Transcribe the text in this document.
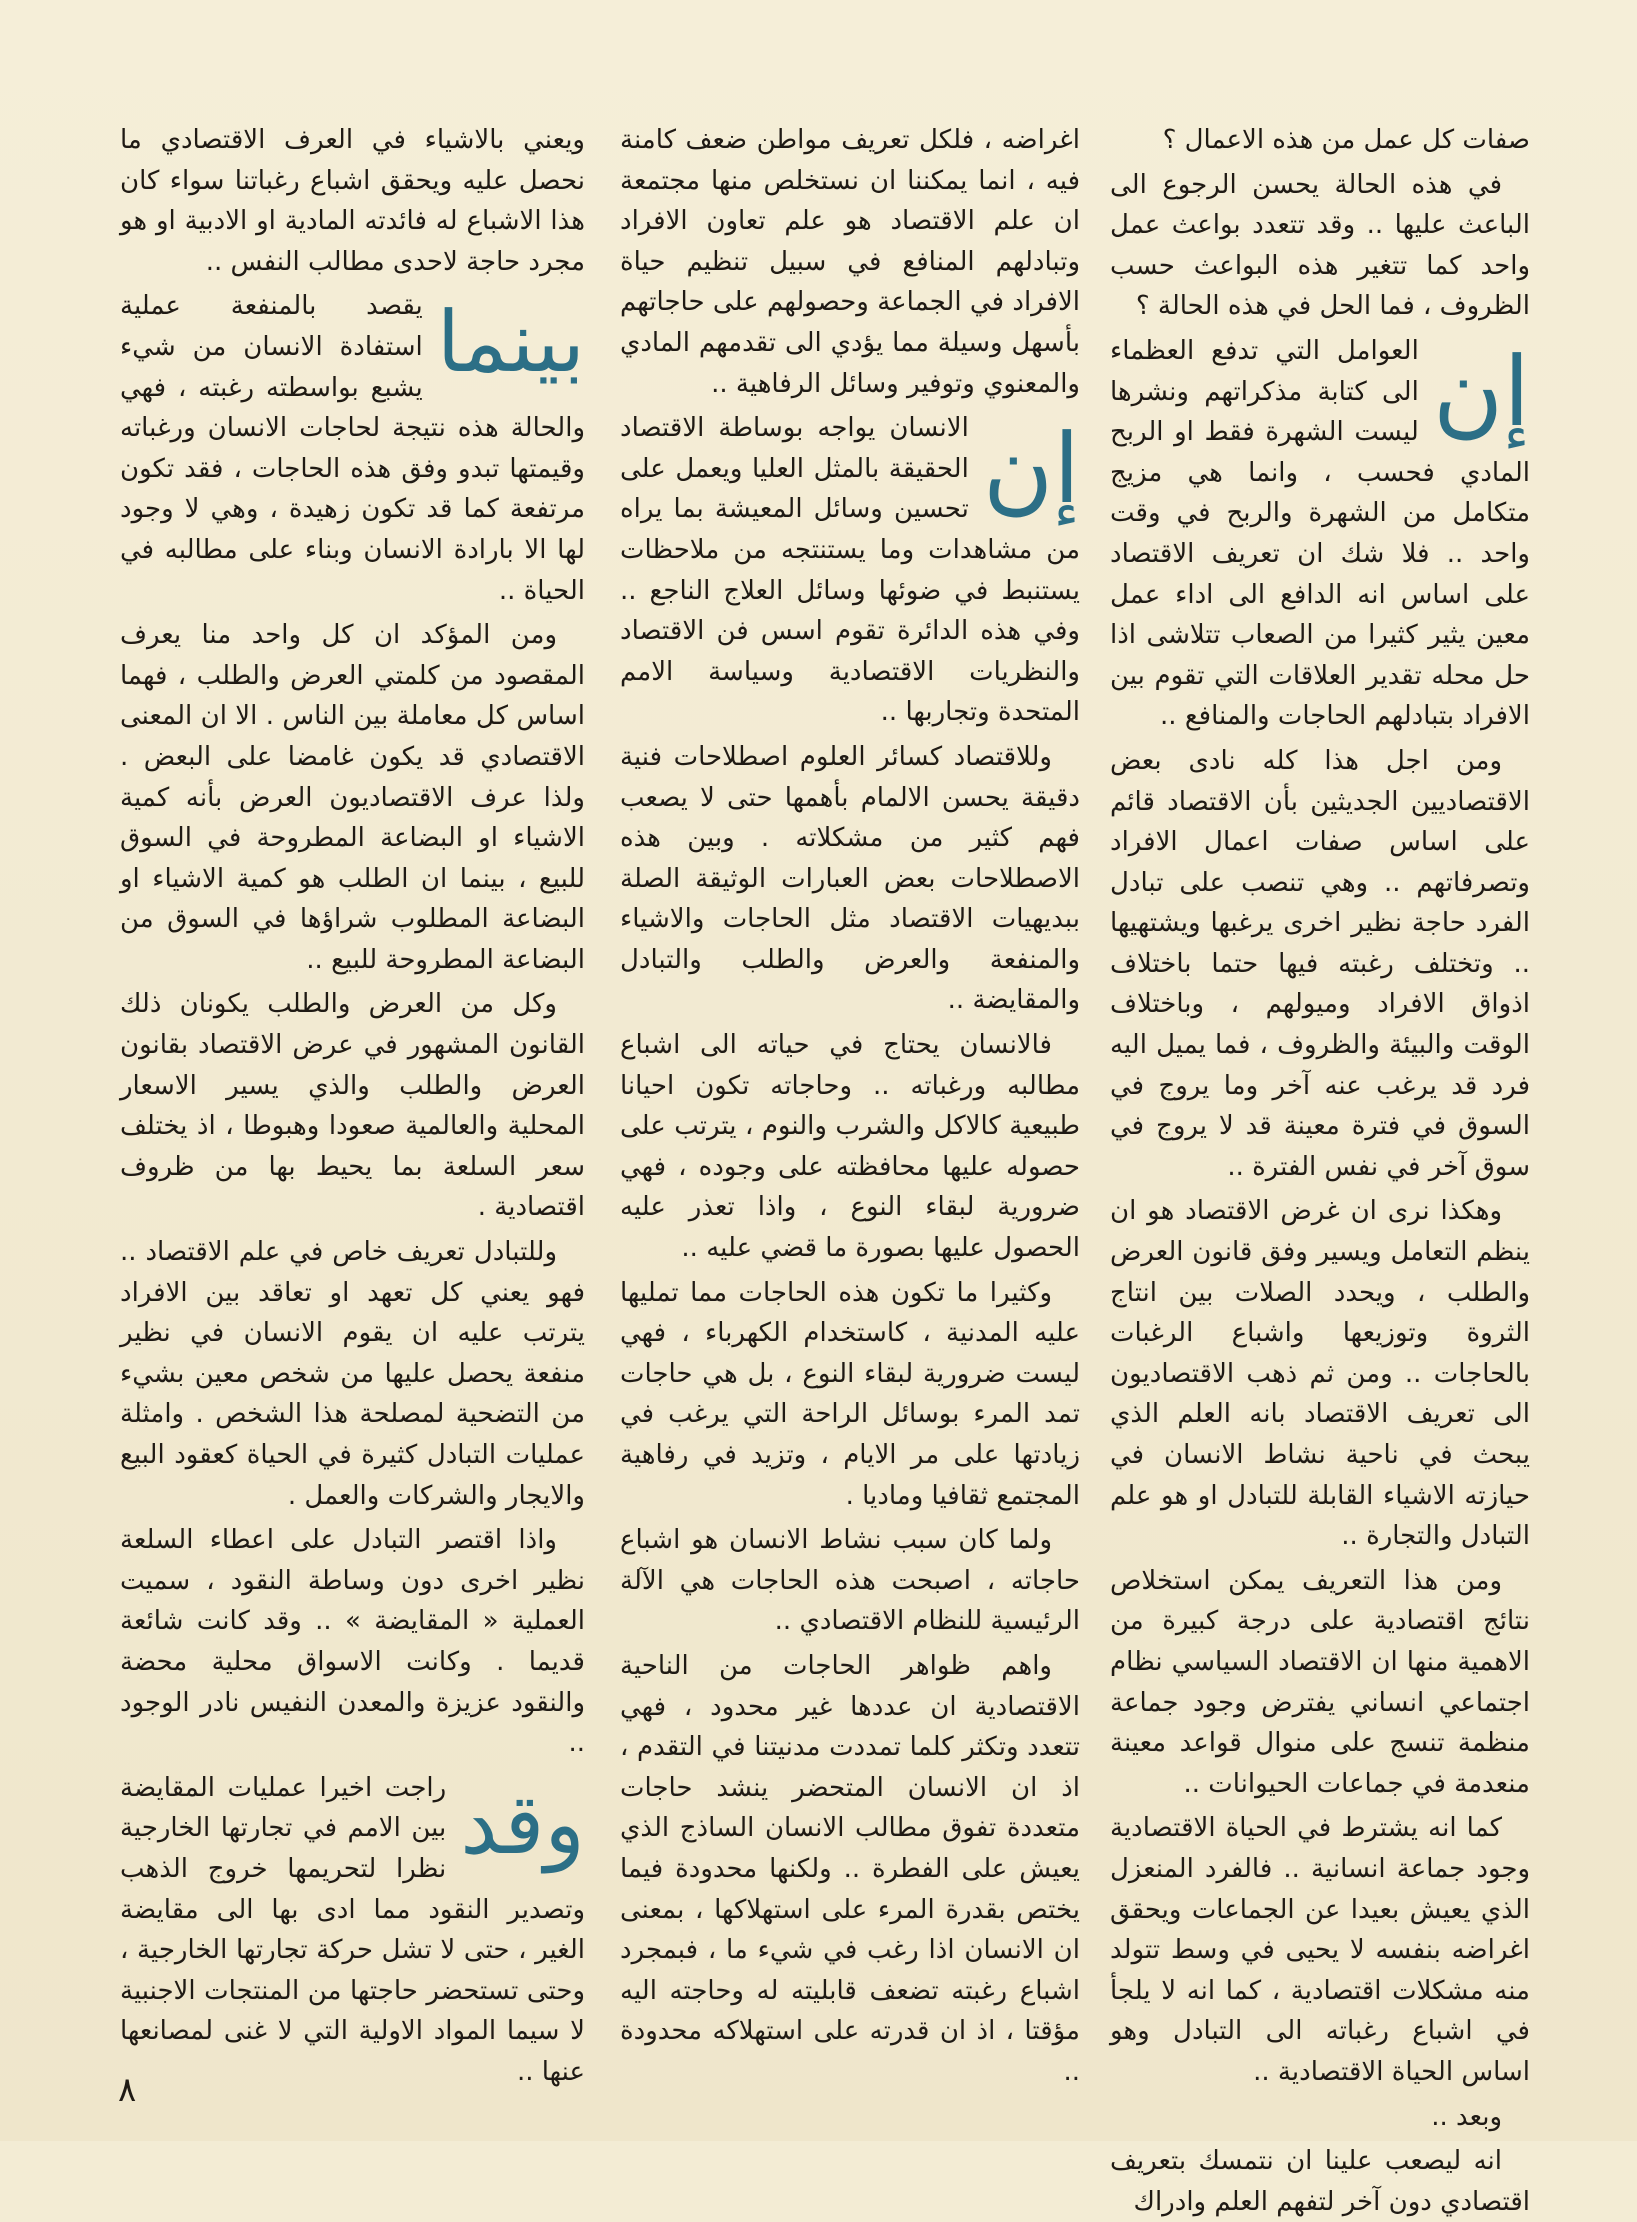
صفات كل عمل من هذه الاعمال ؟

في هذه الحالة يحسن الرجوع الى الباعث عليها .. وقد تتعدد بواعث عمل واحد كما تتغير هذه البواعث حسب الظروف ، فما الحل في هذه الحالة ؟

إن
العوامل التي تدفع العظماء الى كتابة مذكراتهم ونشرها ليست الشهرة فقط او الربح المادي فحسب ، وانما هي مزيج متكامل من الشهرة والربح في وقت واحد .. فلا شك ان تعريف الاقتصاد على اساس انه الدافع الى اداء عمل معين يثير كثيرا من الصعاب تتلاشى اذا حل محله تقدير العلاقات التي تقوم بين الافراد بتبادلهم الحاجات والمنافع ..

ومن اجل هذا كله نادى بعض الاقتصاديين الجديثين بأن الاقتصاد قائم على اساس صفات اعمال الافراد وتصرفاتهم .. وهي تنصب على تبادل الفرد حاجة نظير اخرى يرغبها ويشتهيها .. وتختلف رغبته فيها حتما باختلاف اذواق الافراد وميولهم ، وباختلاف الوقت والبيئة والظروف ، فما يميل اليه فرد قد يرغب عنه آخر وما يروج في السوق في فترة معينة قد لا يروج في سوق آخر في نفس الفترة ..

وهكذا نرى ان غرض الاقتصاد هو ان ينظم التعامل ويسير وفق قانون العرض والطلب ، ويحدد الصلات بين انتاج الثروة وتوزيعها واشباع الرغبات بالحاجات .. ومن ثم ذهب الاقتصاديون الى تعريف الاقتصاد بانه العلم الذي يبحث في ناحية نشاط الانسان في حيازته الاشياء القابلة للتبادل او هو علم التبادل والتجارة ..

ومن هذا التعريف يمكن استخلاص نتائج اقتصادية على درجة كبيرة من الاهمية منها ان الاقتصاد السياسي نظام اجتماعي انساني يفترض وجود جماعة منظمة تنسج على منوال قواعد معينة منعدمة في جماعات الحيوانات ..

كما انه يشترط في الحياة الاقتصادية وجود جماعة انسانية .. فالفرد المنعزل الذي يعيش بعيدا عن الجماعات ويحقق اغراضه بنفسه لا يحيى في وسط تتولد منه مشكلات اقتصادية ، كما انه لا يلجأ في اشباع رغباته الى التبادل وهو اساس الحياة الاقتصادية ..

وبعد ..

انه ليصعب علينا ان نتمسك بتعريف اقتصادي دون آخر لتفهم العلم وادراك

اغراضه ، فلكل تعريف مواطن ضعف كامنة فيه ، انما يمكننا ان نستخلص منها مجتمعة ان علم الاقتصاد هو علم تعاون الافراد وتبادلهم المنافع في سبيل تنظيم حياة الافراد في الجماعة وحصولهم على حاجاتهم بأسهل وسيلة مما يؤدي الى تقدمهم المادي والمعنوي وتوفير وسائل الرفاهية ..

إن
الانسان يواجه بوساطة الاقتصاد الحقيقة بالمثل العليا ويعمل على تحسين وسائل المعيشة بما يراه من مشاهدات وما يستنتجه من ملاحظات يستنبط في ضوئها وسائل العلاج الناجع .. وفي هذه الدائرة تقوم اسس فن الاقتصاد والنظريات الاقتصادية وسياسة الامم المتحدة وتجاربها ..

وللاقتصاد كسائر العلوم اصطلاحات فنية دقيقة يحسن الالمام بأهمها حتى لا يصعب فهم كثير من مشكلاته . وبين هذه الاصطلاحات بعض العبارات الوثيقة الصلة ببديهيات الاقتصاد مثل الحاجات والاشياء والمنفعة والعرض والطلب والتبادل والمقايضة ..

فالانسان يحتاج في حياته الى اشباع مطالبه ورغباته .. وحاجاته تكون احيانا طبيعية كالاكل والشرب والنوم ، يترتب على حصوله عليها محافظته على وجوده ، فهي ضرورية لبقاء النوع ، واذا تعذر عليه الحصول عليها بصورة ما قضي عليه ..

وكثيرا ما تكون هذه الحاجات مما تمليها عليه المدنية ، كاستخدام الكهرباء ، فهي ليست ضرورية لبقاء النوع ، بل هي حاجات تمد المرء بوسائل الراحة التي يرغب في زيادتها على مر الايام ، وتزيد في رفاهية المجتمع ثقافيا وماديا .

ولما كان سبب نشاط الانسان هو اشباع حاجاته ، اصبحت هذه الحاجات هي الآلة الرئيسية للنظام الاقتصادي ..

واهم ظواهر الحاجات من الناحية الاقتصادية ان عددها غير محدود ، فهي تتعدد وتكثر كلما تمددت مدنيتنا في التقدم ، اذ ان الانسان المتحضر ينشد حاجات متعددة تفوق مطالب الانسان الساذج الذي يعيش على الفطرة .. ولكنها محدودة فيما يختص بقدرة المرء على استهلاكها ، بمعنى ان الانسان اذا رغب في شيء ما ، فبمجرد اشباع رغبته تضعف قابليته له وحاجته اليه مؤقتا ، اذ ان قدرته على استهلاكه محدودة ..

ويعني بالاشياء في العرف الاقتصادي ما نحصل عليه ويحقق اشباع رغباتنا سواء كان هذا الاشباع له فائدته المادية او الادبية او هو مجرد حاجة لاحدى مطالب النفس ..

بينما
يقصد بالمنفعة عملية استفادة الانسان من شيء يشبع بواسطته رغبته ، فهي والحالة هذه نتيجة لحاجات الانسان ورغباته وقيمتها تبدو وفق هذه الحاجات ، فقد تكون مرتفعة كما قد تكون زهيدة ، وهي لا وجود لها الا بارادة الانسان وبناء على مطالبه في الحياة ..

ومن المؤكد ان كل واحد منا يعرف المقصود من كلمتي العرض والطلب ، فهما اساس كل معاملة بين الناس . الا ان المعنى الاقتصادي قد يكون غامضا على البعض . ولذا عرف الاقتصاديون العرض بأنه كمية الاشياء او البضاعة المطروحة في السوق للبيع ، بينما ان الطلب هو كمية الاشياء او البضاعة المطلوب شراؤها في السوق من البضاعة المطروحة للبيع ..

وكل من العرض والطلب يكونان ذلك القانون المشهور في عرض الاقتصاد بقانون العرض والطلب والذي يسير الاسعار المحلية والعالمية صعودا وهبوطا ، اذ يختلف سعر السلعة بما يحيط بها من ظروف اقتصادية .

وللتبادل تعريف خاص في علم الاقتصاد .. فهو يعني كل تعهد او تعاقد بين الافراد يترتب عليه ان يقوم الانسان في نظير منفعة يحصل عليها من شخص معين بشيء من التضحية لمصلحة هذا الشخص . وامثلة عمليات التبادل كثيرة في الحياة كعقود البيع والايجار والشركات والعمل .

واذا اقتصر التبادل على اعطاء السلعة نظير اخرى دون وساطة النقود ، سميت العملية « المقايضة » .. وقد كانت شائعة قديما . وكانت الاسواق محلية محضة والنقود عزيزة والمعدن النفيس نادر الوجود ..

وقد
راجت اخيرا عمليات المقايضة بين الامم في تجارتها الخارجية نظرا لتحريمها خروج الذهب وتصدير النقود مما ادى بها الى مقايضة الغير ، حتى لا تشل حركة تجارتها الخارجية ، وحتى تستحضر حاجتها من المنتجات الاجنبية لا سيما المواد الاولية التي لا غنى لمصانعها عنها ..

٨
